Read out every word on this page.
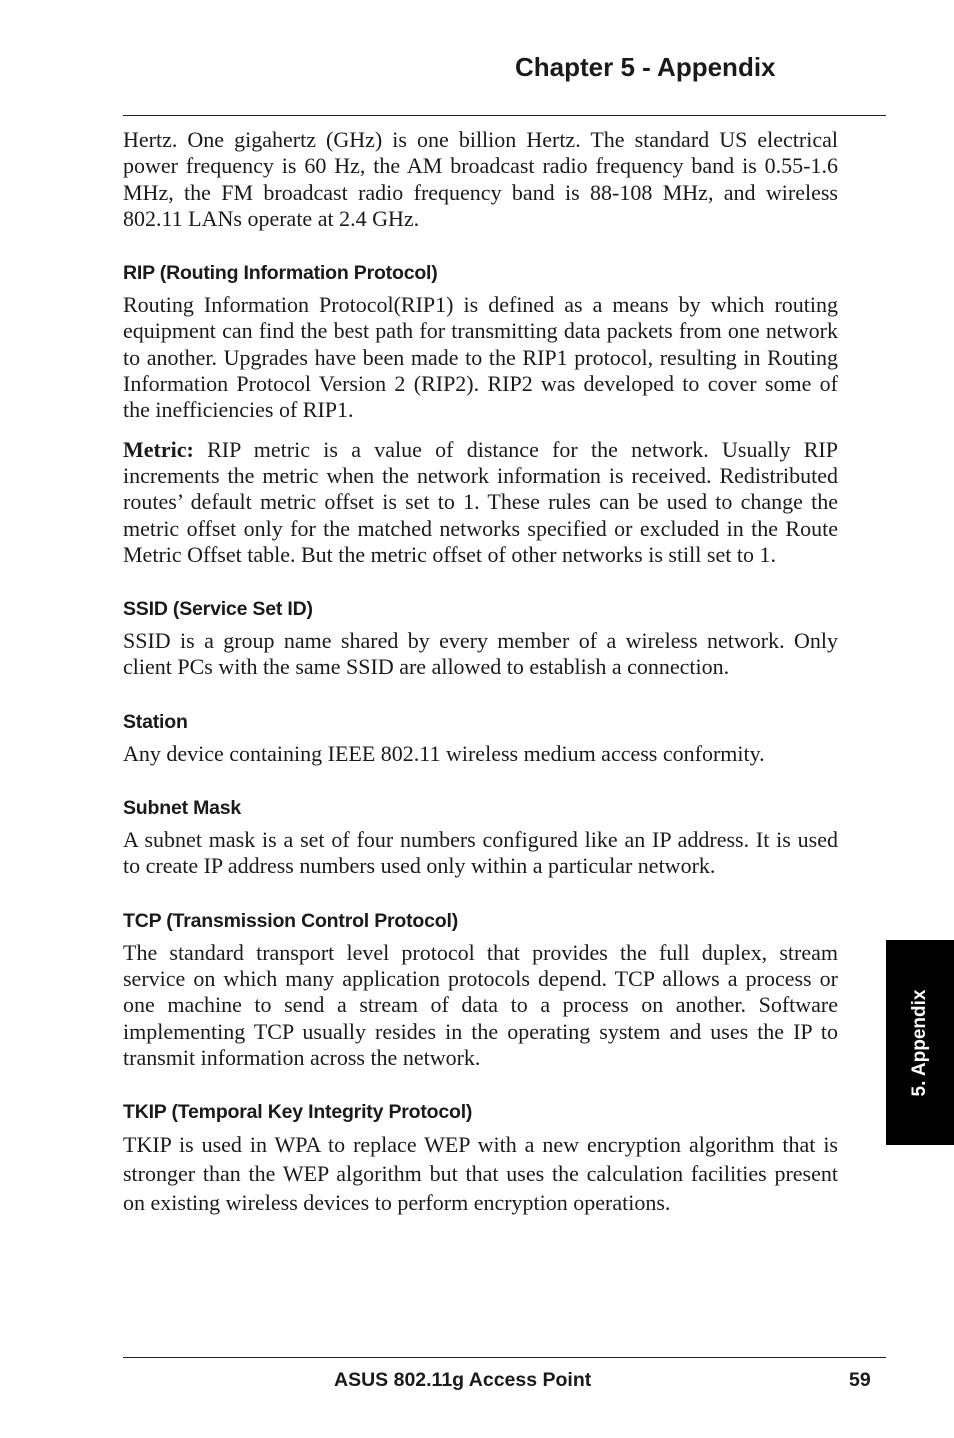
Chapter 5 - Appendix

Hertz. One gigahertz (GHz) is one billion Hertz. The standard US electrical power frequency is 60 Hz, the AM broadcast radio frequency band is 0.55-1.6 MHz, the FM broadcast radio frequency band is 88-108 MHz, and wireless 802.11 LANs operate at 2.4 GHz.

RIP (Routing Information Protocol)

Routing Information Protocol(RIP1) is defined as a means by which routing equipment can find the best path for transmitting data packets from one network to another. Upgrades have been made to the RIP1 protocol, resulting in Routing Information Protocol Version 2 (RIP2). RIP2 was developed to cover some of the inefficiencies of RIP1.

Metric: RIP metric is a value of distance for the network. Usually RIP increments the metric when the network information is received. Redistributed routes’ default metric offset is set to 1. These rules can be used to change the metric offset only for the matched networks specified or excluded in the Route Metric Offset table. But the metric offset of other networks is still set to 1.

SSID (Service Set ID)

SSID is a group name shared by every member of a wireless network. Only client PCs with the same SSID are allowed to establish a connection.

Station

Any device containing IEEE 802.11 wireless medium access conformity.

Subnet Mask

A subnet mask is a set of four numbers configured like an IP address. It is used to create IP address numbers used only within a particular network.

TCP (Transmission Control Protocol)

The standard transport level protocol that provides the full duplex, stream service on which many application protocols depend. TCP allows a process or one machine to send a stream of data to a process on another. Software implementing TCP usually resides in the operating system and uses the IP to transmit information across the network.

TKIP (Temporal Key Integrity Protocol)

TKIP is used in WPA to replace WEP with a new encryption algorithm that is stronger than the WEP algorithm but that uses the calculation facilities present on existing wireless devices to perform encryption operations.

5. Appendix
ASUS 802.11g Access Point	59
